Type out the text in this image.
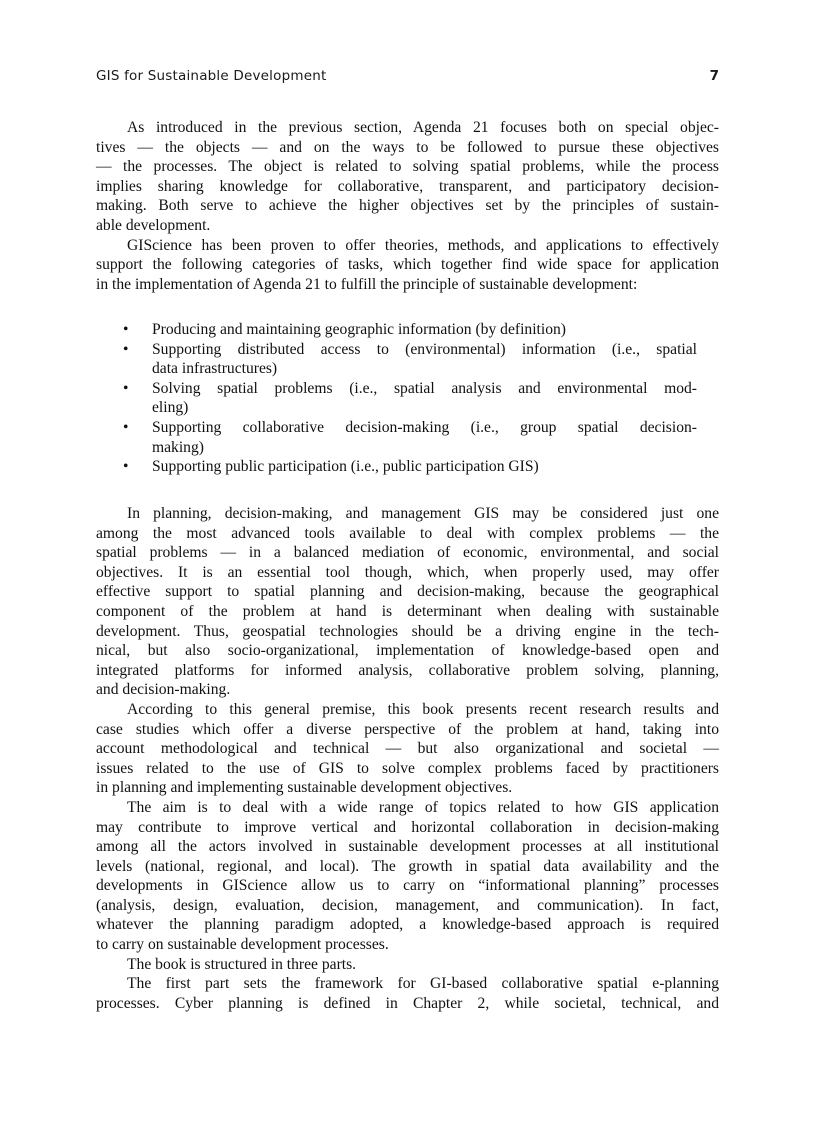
GIS for Sustainable Development	7
As introduced in the previous section, Agenda 21 focuses both on special objec-
tives — the objects — and on the ways to be followed to pursue these objectives
— the processes. The object is related to solving spatial problems, while the process
implies sharing knowledge for collaborative, transparent, and participatory decision-
making. Both serve to achieve the higher objectives set by the principles of sustain-
able development.
GIScience has been proven to offer theories, methods, and applications to effectively
support the following categories of tasks, which together find wide space for application
in the implementation of Agenda 21 to fulfill the principle of sustainable development:
• Producing and maintaining geographic information (by definition)
• Supporting distributed access to (environmental) information (i.e., spatial
data infrastructures)
• Solving spatial problems (i.e., spatial analysis and environmental mod-
eling)
• Supporting collaborative decision-making (i.e., group spatial decision-
making)
• Supporting public participation (i.e., public participation GIS)
In planning, decision-making, and management GIS may be considered just one
among the most advanced tools available to deal with complex problems — the
spatial problems — in a balanced mediation of economic, environmental, and social
objectives. It is an essential tool though, which, when properly used, may offer
effective support to spatial planning and decision-making, because the geographical
component of the problem at hand is determinant when dealing with sustainable
development. Thus, geospatial technologies should be a driving engine in the tech-
nical, but also socio-organizational, implementation of knowledge-based open and
integrated platforms for informed analysis, collaborative problem solving, planning,
and decision-making.
According to this general premise, this book presents recent research results and
case studies which offer a diverse perspective of the problem at hand, taking into
account methodological and technical — but also organizational and societal —
issues related to the use of GIS to solve complex problems faced by practitioners
in planning and implementing sustainable development objectives.
The aim is to deal with a wide range of topics related to how GIS application
may contribute to improve vertical and horizontal collaboration in decision-making
among all the actors involved in sustainable development processes at all institutional
levels (national, regional, and local). The growth in spatial data availability and the
developments in GIScience allow us to carry on “informational planning” processes
(analysis, design, evaluation, decision, management, and communication). In fact,
whatever the planning paradigm adopted, a knowledge-based approach is required
to carry on sustainable development processes.
The book is structured in three parts.
The first part sets the framework for GI-based collaborative spatial e-planning
processes. Cyber planning is defined in Chapter 2, while societal, technical, and
